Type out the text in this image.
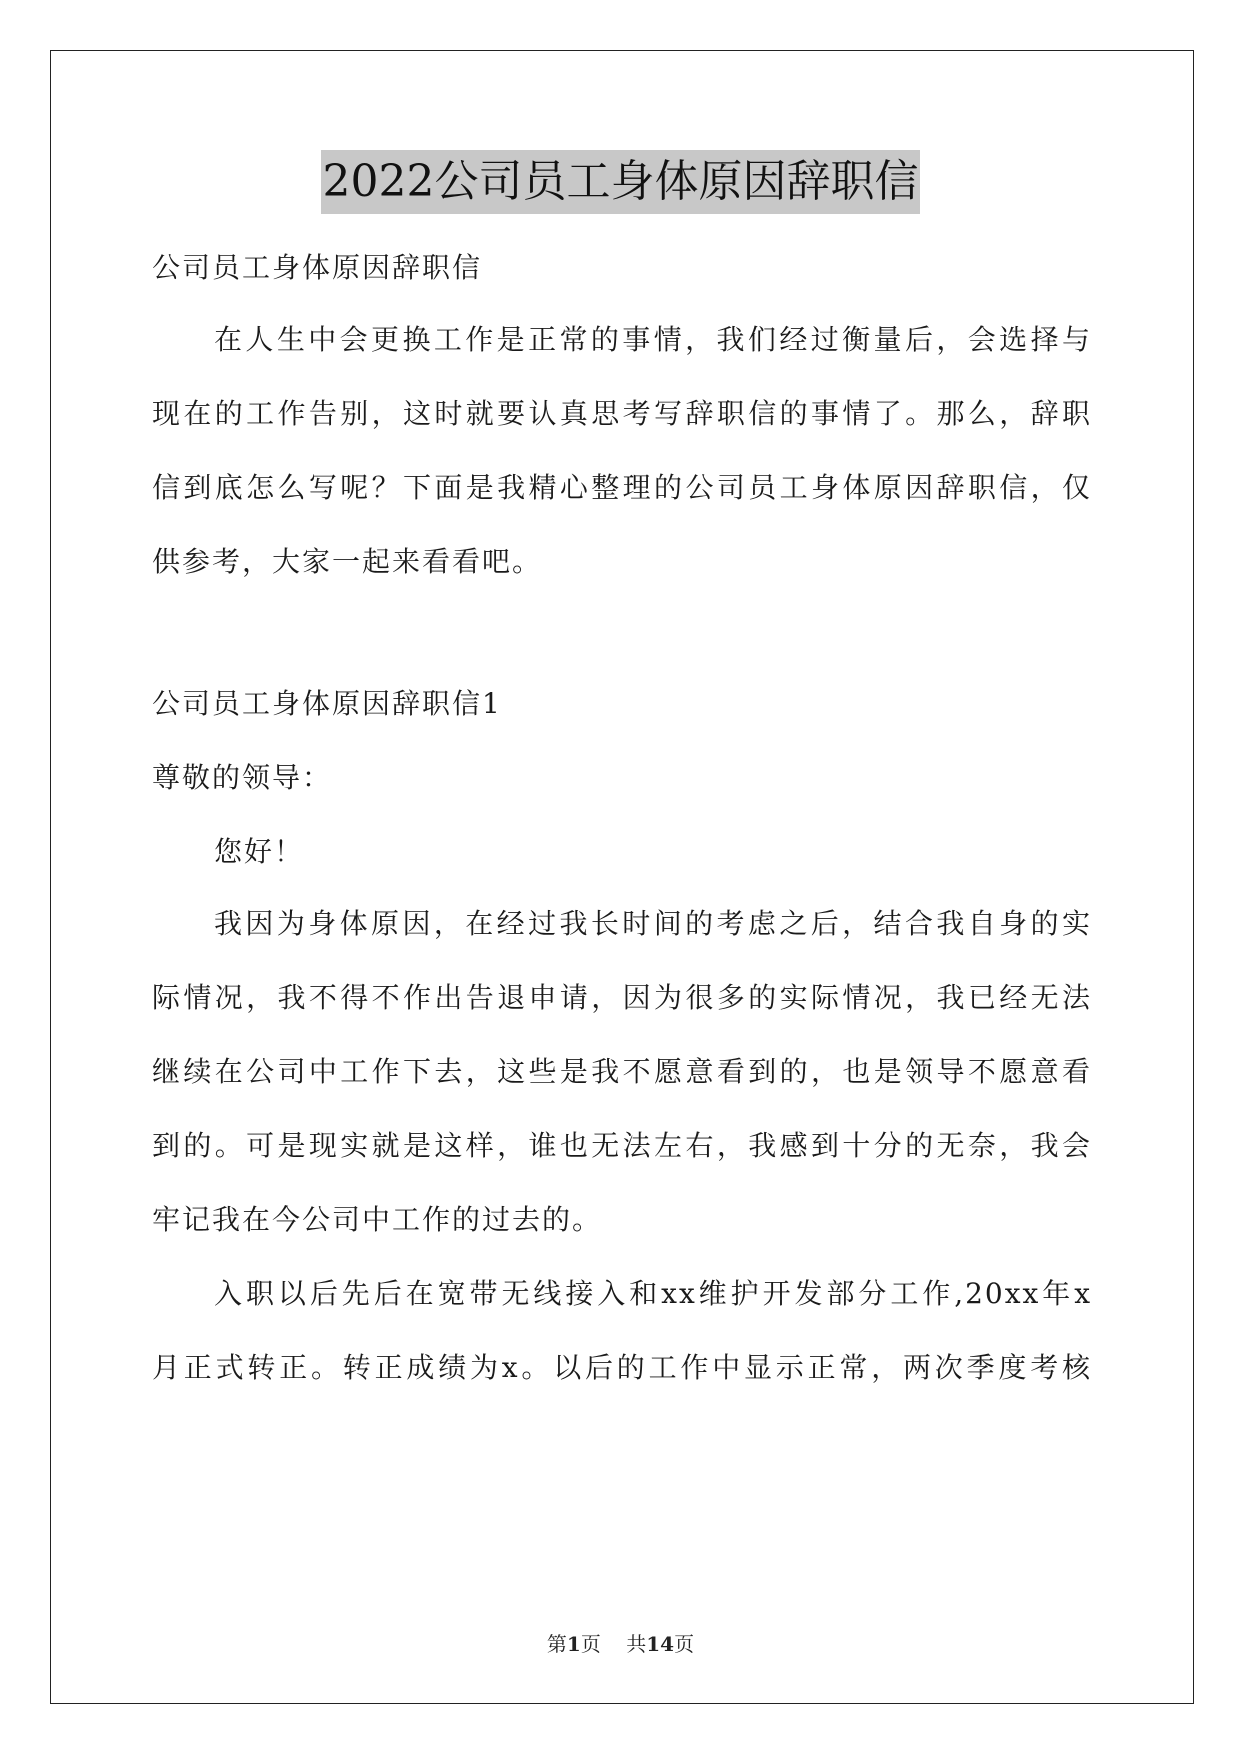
2022公司员工身体原因辞职信

公司员工身体原因辞职信

在人生中会更换工作是正常的事情，我们经过衡量后，会选择与

现在的工作告别，这时就要认真思考写辞职信的事情了。那么，辞职

信到底怎么写呢？下面是我精心整理的公司员工身体原因辞职信，仅

供参考，大家一起来看看吧。

公司员工身体原因辞职信1

尊敬的领导：

您好！

我因为身体原因，在经过我长时间的考虑之后，结合我自身的实

际情况，我不得不作出告退申请，因为很多的实际情况，我已经无法

继续在公司中工作下去，这些是我不愿意看到的，也是领导不愿意看

到的。可是现实就是这样，谁也无法左右，我感到十分的无奈，我会

牢记我在今公司中工作的过去的。

入职以后先后在宽带无线接入和xx维护开发部分工作,20xx年x

月正式转正。转正成绩为x。以后的工作中显示正常，两次季度考核

第1页 共14页
